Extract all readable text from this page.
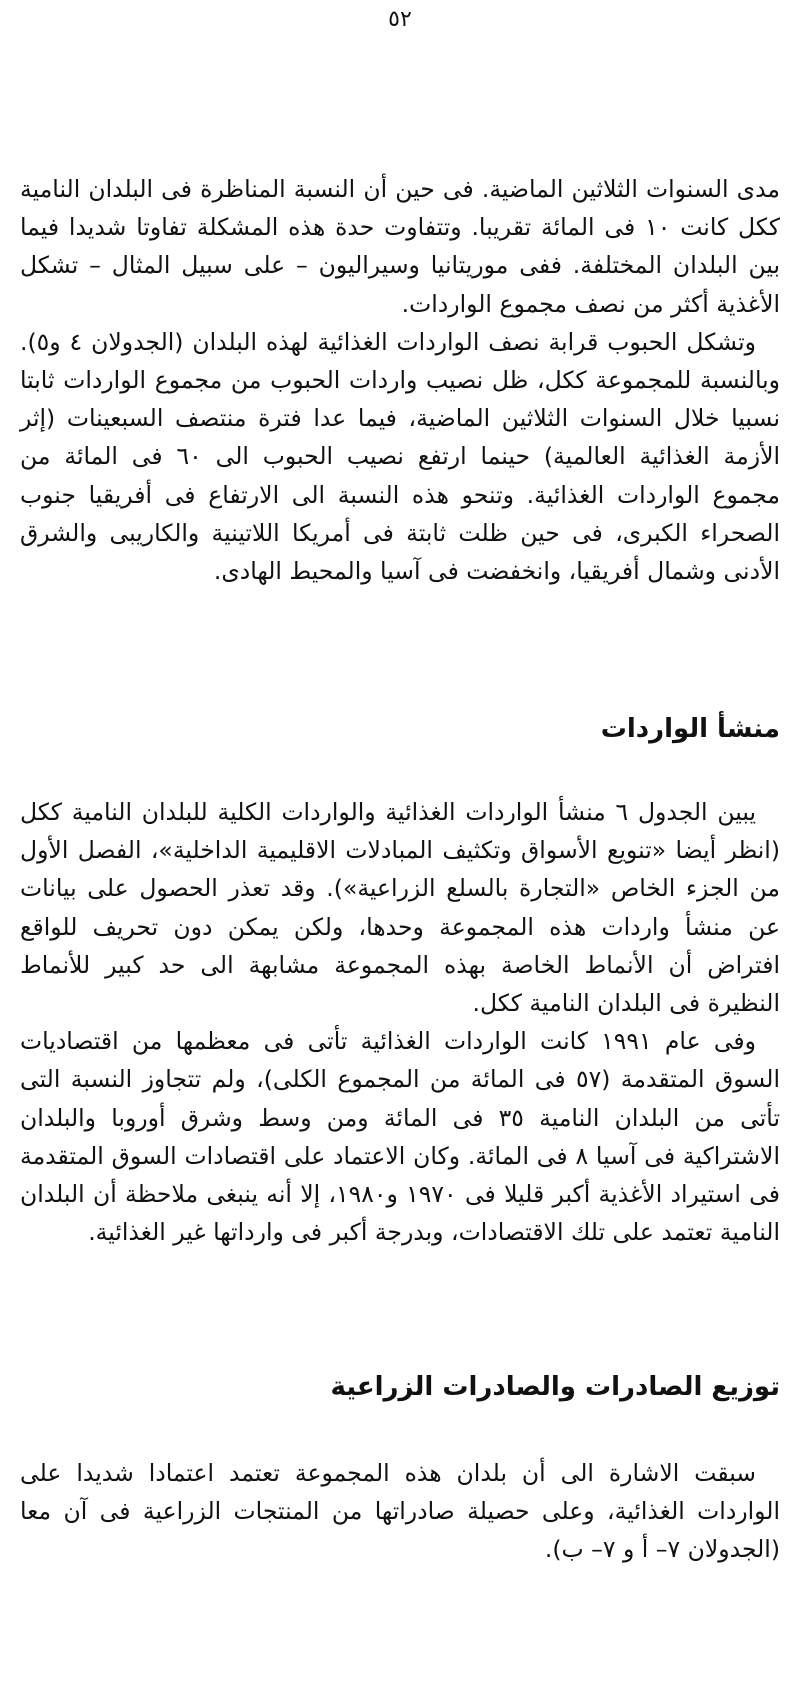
٥٢

مدى السنوات الثلاثين الماضية. فى حين أن النسبة المناظرة فى البلدان النامية ككل كانت ١٠ فى المائة تقريبا. وتتفاوت حدة هذه المشكلة تفاوتا شديدا فيما بين البلدان المختلفة. ففى موريتانيا وسيراليون – على سبيل المثال – تشكل الأغذية أكثر من نصف مجموع الواردات.

وتشكل الحبوب قرابة نصف الواردات الغذائية لهذه البلدان (الجدولان ٤ و٥). وبالنسبة للمجموعة ككل، ظل نصيب واردات الحبوب من مجموع الواردات ثابتا نسبيا خلال السنوات الثلاثين الماضية، فيما عدا فترة منتصف السبعينات (إثر الأزمة الغذائية العالمية) حينما ارتفع نصيب الحبوب الى ٦٠ فى المائة من مجموع الواردات الغذائية. وتنحو هذه النسبة الى الارتفاع فى أفريقيا جنوب الصحراء الكبرى، فى حين ظلت ثابتة فى أمريكا اللاتينية والكاريبى والشرق الأدنى وشمال أفريقيا، وانخفضت فى آسيا والمحيط الهادى.

منشأ الواردات

يبين الجدول ٦ منشأ الواردات الغذائية والواردات الكلية للبلدان النامية ككل (انظر أيضا «تنويع الأسواق وتكثيف المبادلات الاقليمية الداخلية»، الفصل الأول من الجزء الخاص «التجارة بالسلع الزراعية»). وقد تعذر الحصول على بيانات عن منشأ واردات هذه المجموعة وحدها، ولكن يمكن دون تحريف للواقع افتراض أن الأنماط الخاصة بهذه المجموعة مشابهة الى حد كبير للأنماط النظيرة فى البلدان النامية ككل.

وفى عام ١٩٩١ كانت الواردات الغذائية تأتى فى معظمها من اقتصاديات السوق المتقدمة (٥٧ فى المائة من المجموع الكلى)، ولم تتجاوز النسبة التى تأتى من البلدان النامية ٣٥ فى المائة ومن وسط وشرق أوروبا والبلدان الاشتراكية فى آسيا ٨ فى المائة. وكان الاعتماد على اقتصادات السوق المتقدمة فى استيراد الأغذية أكبر قليلا فى ١٩٧٠ و١٩٨٠، إلا أنه ينبغى ملاحظة أن البلدان النامية تعتمد على تلك الاقتصادات، وبدرجة أكبر فى وارداتها غير الغذائية.

توزيع الصادرات والصادرات الزراعية

سبقت الاشارة الى أن بلدان هذه المجموعة تعتمد اعتمادا شديدا على الواردات الغذائية، وعلى حصيلة صادراتها من المنتجات الزراعية فى آن معا (الجدولان ٧– أ و ٧– ب).
